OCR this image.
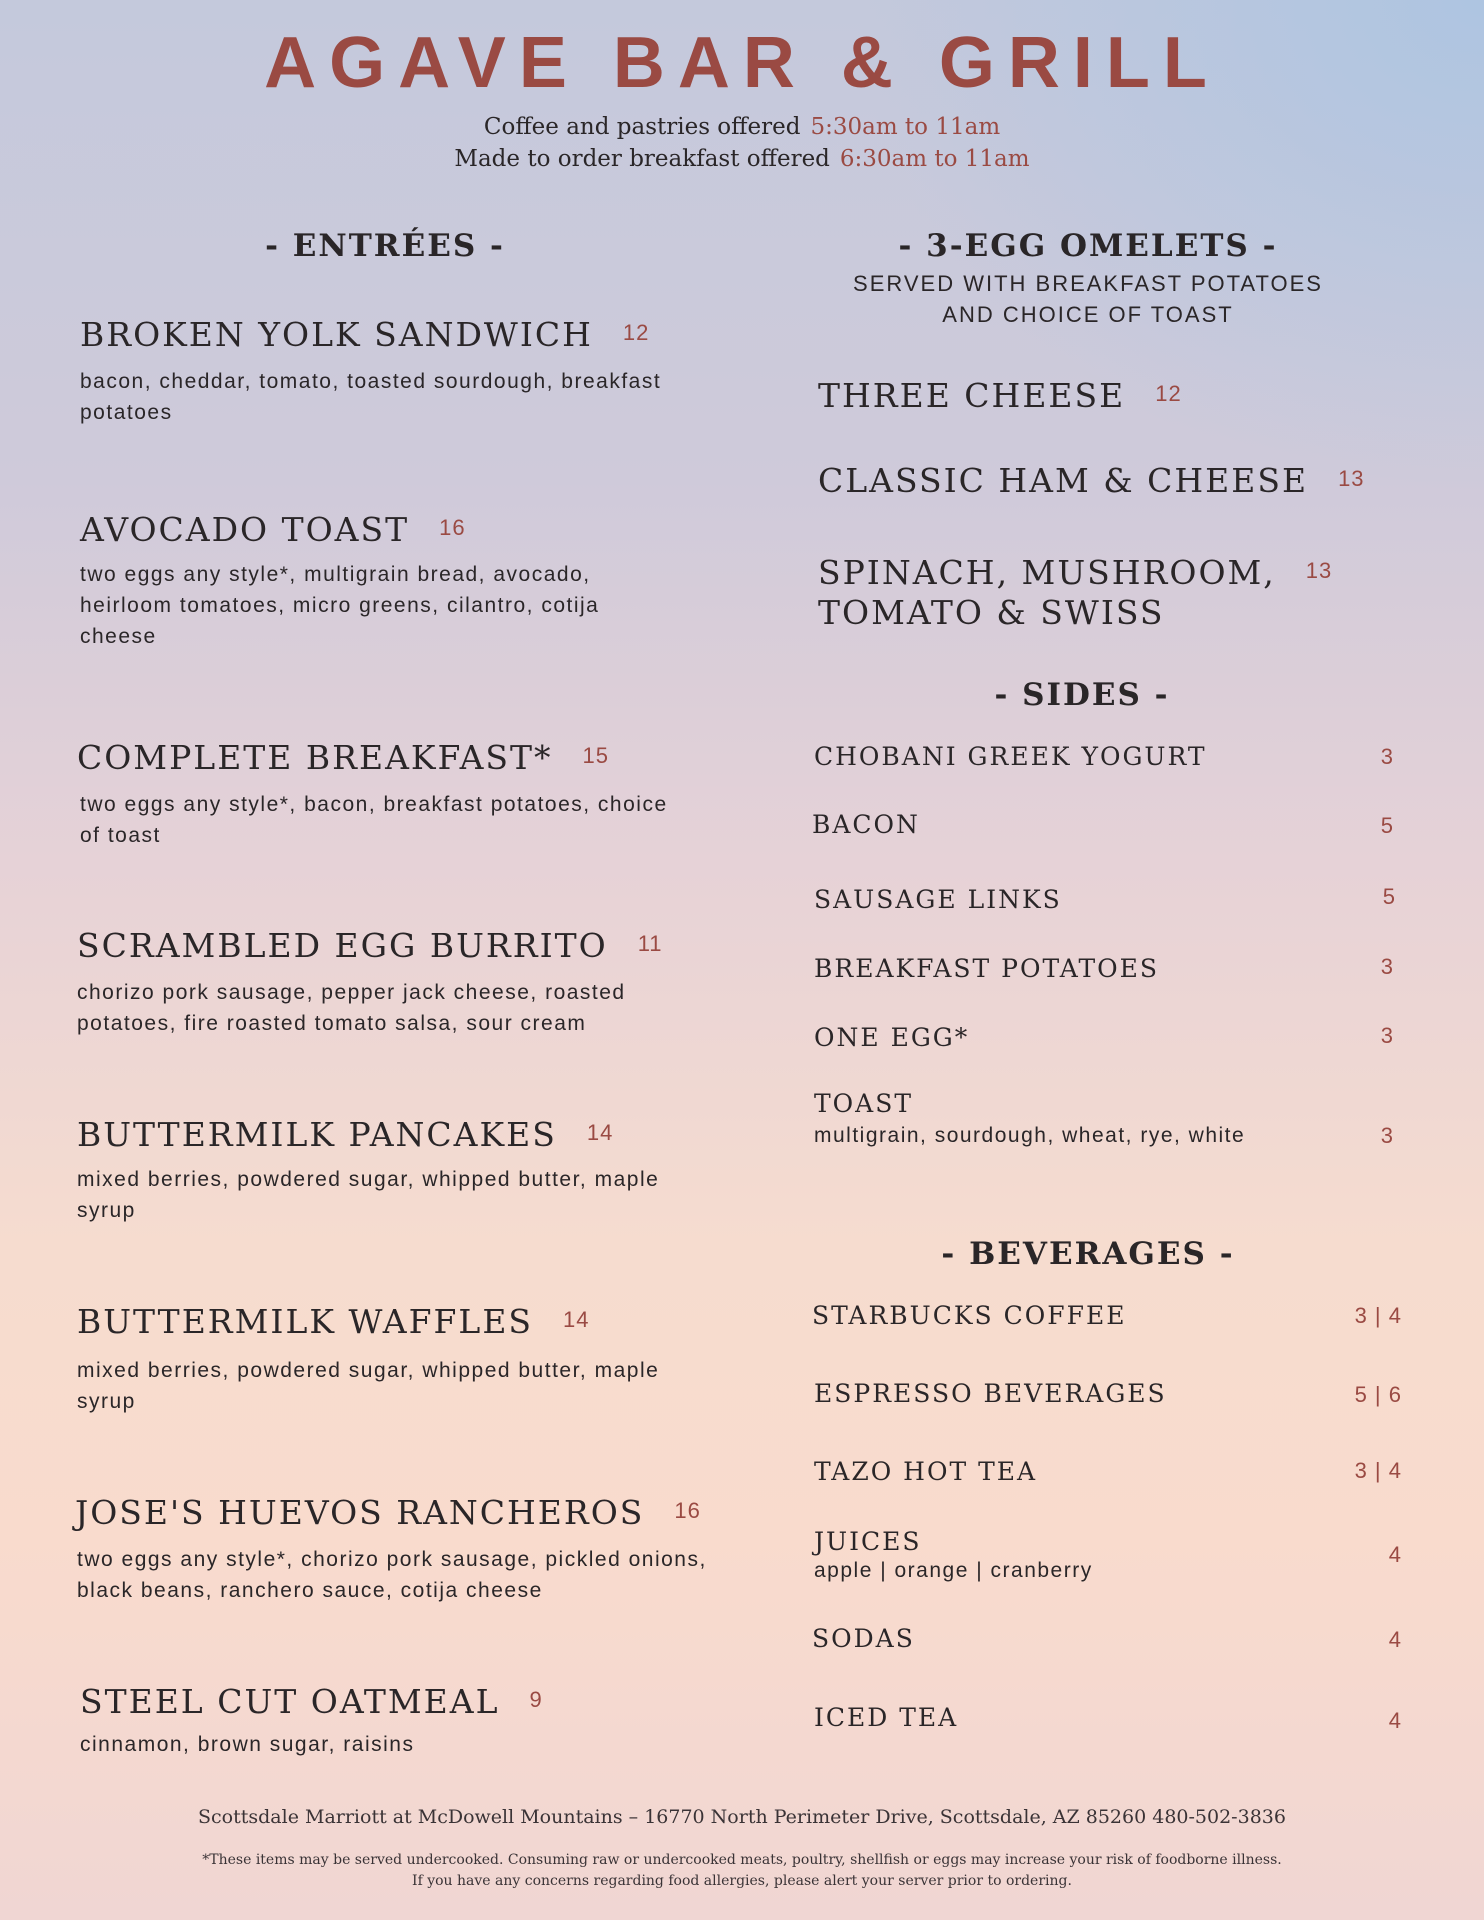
AGAVE BAR & GRILL
Coffee and pastries offered 5:30am to 11am
Made to order breakfast offered 6:30am to 11am
- ENTRÉES -
BROKEN YOLK SANDWICH 12
bacon, cheddar, tomato, toasted sourdough, breakfast potatoes
AVOCADO TOAST 16
two eggs any style*, multigrain bread, avocado, heirloom tomatoes, micro greens, cilantro, cotija cheese
COMPLETE BREAKFAST* 15
two eggs any style*, bacon, breakfast potatoes, choice of toast
SCRAMBLED EGG BURRITO 11
chorizo pork sausage, pepper jack cheese, roasted potatoes, fire roasted tomato salsa, sour cream
BUTTERMILK PANCAKES 14
mixed berries, powdered sugar, whipped butter, maple syrup
BUTTERMILK WAFFLES 14
mixed berries, powdered sugar, whipped butter, maple syrup
JOSE'S HUEVOS RANCHEROS 16
two eggs any style*, chorizo pork sausage, pickled onions, black beans, ranchero sauce, cotija cheese
STEEL CUT OATMEAL 9
cinnamon, brown sugar, raisins
- 3-EGG OMELETS -
SERVED WITH BREAKFAST POTATOES
AND CHOICE OF TOAST
THREE CHEESE 12
CLASSIC HAM & CHEESE 13
SPINACH, MUSHROOM, 13
TOMATO & SWISS
- SIDES -
CHOBANI GREEK YOGURT	3
BACON	5
SAUSAGE LINKS	5
BREAKFAST POTATOES	3
ONE EGG*	3
TOAST
multigrain, sourdough, wheat, rye, white	3
- BEVERAGES -
STARBUCKS COFFEE	3 | 4
ESPRESSO BEVERAGES	5 | 6
TAZO HOT TEA	3 | 4
JUICES
apple | orange | cranberry
4
SODAS	4
ICED TEA	4
Scottsdale Marriott at McDowell Mountains – 16770 North Perimeter Drive, Scottsdale, AZ 85260 480-502-3836
*These items may be served undercooked. Consuming raw or undercooked meats, poultry, shellfish or eggs may increase your risk of foodborne illness.
If you have any concerns regarding food allergies, please alert your server prior to ordering.
